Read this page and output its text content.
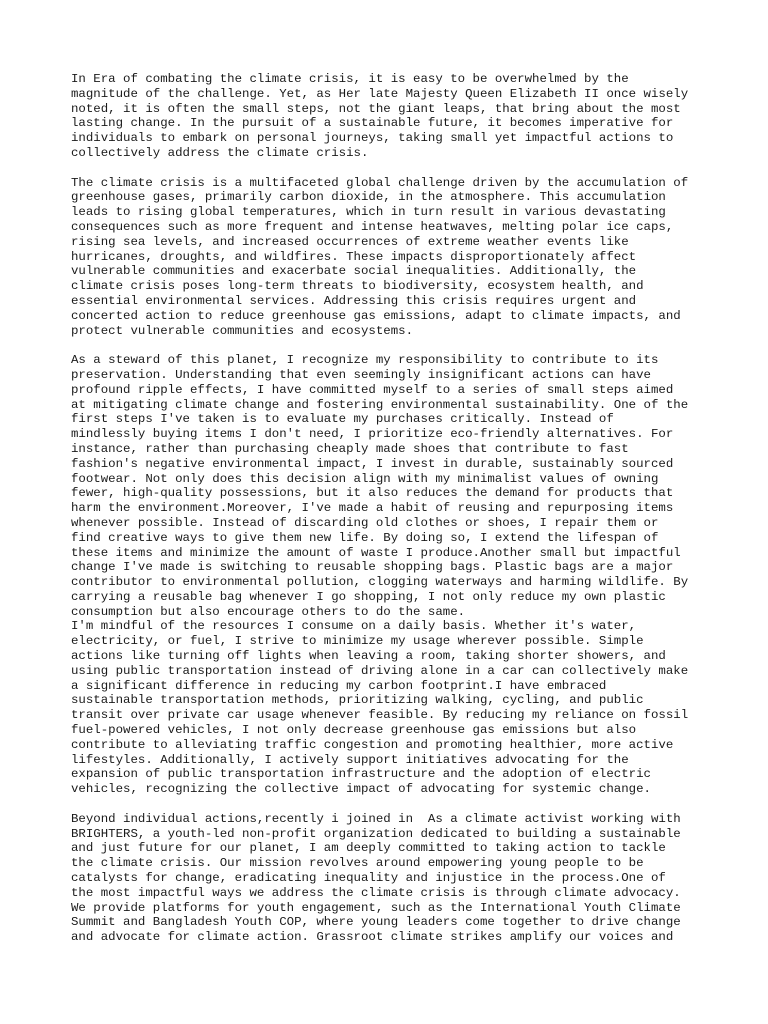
In Era of combating the climate crisis, it is easy to be overwhelmed by the
magnitude of the challenge. Yet, as Her late Majesty Queen Elizabeth II once wisely
noted, it is often the small steps, not the giant leaps, that bring about the most
lasting change. In the pursuit of a sustainable future, it becomes imperative for
individuals to embark on personal journeys, taking small yet impactful actions to
collectively address the climate crisis.
The climate crisis is a multifaceted global challenge driven by the accumulation of
greenhouse gases, primarily carbon dioxide, in the atmosphere. This accumulation
leads to rising global temperatures, which in turn result in various devastating
consequences such as more frequent and intense heatwaves, melting polar ice caps,
rising sea levels, and increased occurrences of extreme weather events like
hurricanes, droughts, and wildfires. These impacts disproportionately affect
vulnerable communities and exacerbate social inequalities. Additionally, the
climate crisis poses long-term threats to biodiversity, ecosystem health, and
essential environmental services. Addressing this crisis requires urgent and
concerted action to reduce greenhouse gas emissions, adapt to climate impacts, and
protect vulnerable communities and ecosystems.
As a steward of this planet, I recognize my responsibility to contribute to its
preservation. Understanding that even seemingly insignificant actions can have
profound ripple effects, I have committed myself to a series of small steps aimed
at mitigating climate change and fostering environmental sustainability. One of the
first steps I've taken is to evaluate my purchases critically. Instead of
mindlessly buying items I don't need, I prioritize eco-friendly alternatives. For
instance, rather than purchasing cheaply made shoes that contribute to fast
fashion's negative environmental impact, I invest in durable, sustainably sourced
footwear. Not only does this decision align with my minimalist values of owning
fewer, high-quality possessions, but it also reduces the demand for products that
harm the environment.Moreover, I've made a habit of reusing and repurposing items
whenever possible. Instead of discarding old clothes or shoes, I repair them or
find creative ways to give them new life. By doing so, I extend the lifespan of
these items and minimize the amount of waste I produce.Another small but impactful
change I've made is switching to reusable shopping bags. Plastic bags are a major
contributor to environmental pollution, clogging waterways and harming wildlife. By
carrying a reusable bag whenever I go shopping, I not only reduce my own plastic
consumption but also encourage others to do the same.
I'm mindful of the resources I consume on a daily basis. Whether it's water,
electricity, or fuel, I strive to minimize my usage wherever possible. Simple
actions like turning off lights when leaving a room, taking shorter showers, and
using public transportation instead of driving alone in a car can collectively make
a significant difference in reducing my carbon footprint.I have embraced
sustainable transportation methods, prioritizing walking, cycling, and public
transit over private car usage whenever feasible. By reducing my reliance on fossil
fuel-powered vehicles, I not only decrease greenhouse gas emissions but also
contribute to alleviating traffic congestion and promoting healthier, more active
lifestyles. Additionally, I actively support initiatives advocating for the
expansion of public transportation infrastructure and the adoption of electric
vehicles, recognizing the collective impact of advocating for systemic change.
Beyond individual actions,recently i joined in  As a climate activist working with
BRIGHTERS, a youth-led non-profit organization dedicated to building a sustainable
and just future for our planet, I am deeply committed to taking action to tackle
the climate crisis. Our mission revolves around empowering young people to be
catalysts for change, eradicating inequality and injustice in the process.One of
the most impactful ways we address the climate crisis is through climate advocacy.
We provide platforms for youth engagement, such as the International Youth Climate
Summit and Bangladesh Youth COP, where young leaders come together to drive change
and advocate for climate action. Grassroot climate strikes amplify our voices and
